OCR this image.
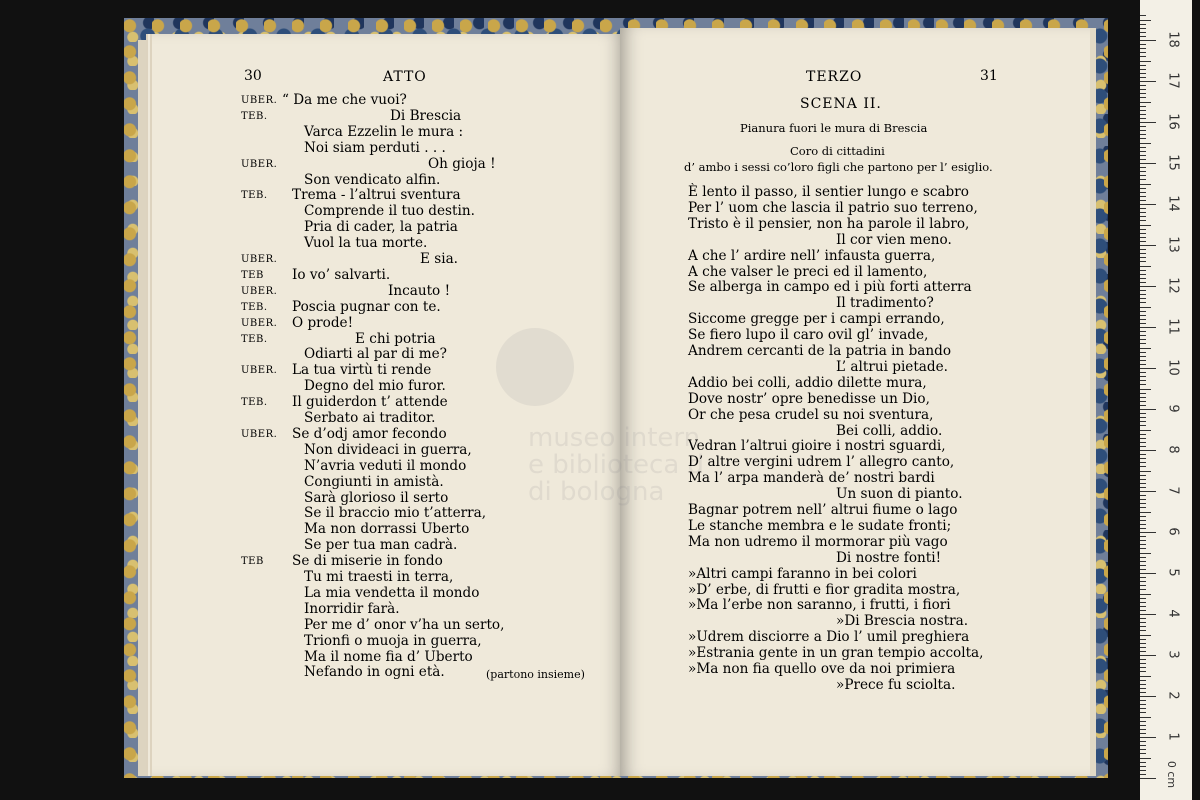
museo intern
e biblioteca d
di bologna
30	ATTO	TERZO	31
SCENA II.
Pianura fuori le mura di Brescia
Coro di cittadini
d’ ambo i sessi co’loro figli che partono per l’ esiglio.
UBER. “ Da me che vuoi?
TEB.	Di Brescia
Varca Ezzelin le mura :
Noi siam perduti . . .
UBER.	Oh gioja !
Son vendicato alfin.
TEB. Trema - l’altrui sventura
Comprende il tuo destin.
Pria di cader, la patria
Vuol la tua morte.
UBER.	E sia.
TEB Io vo’ salvarti.
UBER.	Incauto !
TEB. Poscia pugnar con te.
UBER. O prode!
TEB.	E chi potria
Odiarti al par di me?
UBER. La tua virtù ti rende
Degno del mio furor.
TEB. Il guiderdon t’ attende
Serbato ai traditor.
UBER. Se d’odj amor fecondo
Non divideaci in guerra,
N’avria veduti il mondo
Congiunti in amistà.
Sarà glorioso il serto
Se il braccio mio t’atterra,
Ma non dorrassi Uberto
Se per tua man cadrà.
TEB Se di miserie in fondo
Tu mi traesti in terra,
La mia vendetta il mondo
Inorridir farà.
Per me d’ onor v’ha un serto,
Trionfi o muoja in guerra,
Ma il nome fia d’ Uberto
Nefando in ogni età.	(partono insieme)
È lento il passo, il sentier lungo e scabro
Per l’ uom che lascia il patrio suo terreno,
Tristo è il pensier, non ha parole il labro,
Il cor vien meno.
A che l’ ardire nell’ infausta guerra,
A che valser le preci ed il lamento,
Se alberga in campo ed i più forti atterra
Il tradimento?
Siccome gregge per i campi errando,
Se fiero lupo il caro ovil gl’ invade,
Andrem cercanti de la patria in bando
L’ altrui pietade.
Addio bei colli, addio dilette mura,
Dove nostr’ opre benedisse un Dio,
Or che pesa crudel su noi sventura,
Bei colli, addio.
Vedran l’altrui gioire i nostri sguardi,
D’ altre vergini udrem l’ allegro canto,
Ma l’ arpa manderà de’ nostri bardi
Un suon di pianto.
Bagnar potrem nell’ altrui fiume o lago
Le stanche membra e le sudate fronti;
Ma non udremo il mormorar più vago
Di nostre fonti!
»Altri campi faranno in bei colori
»D’ erbe, di frutti e fior gradita mostra,
»Ma l’erbe non saranno, i frutti, i fiori
»Di Brescia nostra.
»Udrem disciorre a Dio l’ umil preghiera
»Estrania gente in un gran tempio accolta,
»Ma non fia quello ove da noi primiera
»Prece fu sciolta.
0 cm
1
2
3
4
5
6
7
8
9
10
11
12
13
14
15
16
17
18
